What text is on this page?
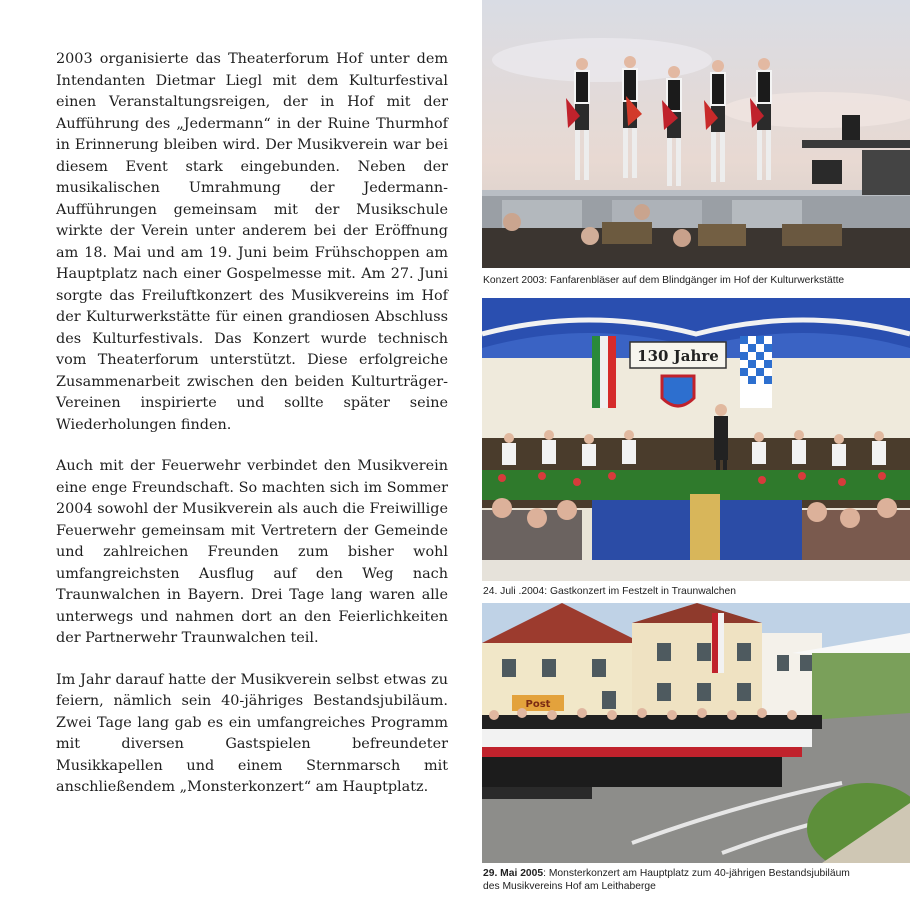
2003 organisierte das Theaterforum Hof unter dem Intendanten Dietmar Liegl mit dem Kulturfestival einen Veranstaltungsreigen, der in Hof mit der Aufführung des „Jedermann“ in der Ruine Thurmhof in Erinnerung bleiben wird. Der Musikverein war bei diesem Event stark eingebunden. Neben der musikalischen Umrahmung der Jedermann-Aufführungen gemeinsam mit der Musikschule wirkte der Verein unter anderem bei der Eröffnung am 18. Mai und am 19. Juni beim Frühschoppen am Hauptplatz nach einer Gospelmesse mit. Am 27. Juni sorgte das Freiluftkonzert des Musikvereins im Hof der Kulturwerkstätte für einen grandiosen Abschluss des Kulturfestivals. Das Konzert wurde technisch vom Theaterforum unterstützt. Diese erfolgreiche Zusammenarbeit zwischen den beiden Kulturträger-Vereinen inspirierte und sollte später seine Wiederholungen finden.

Auch mit der Feuerwehr verbindet den Musikverein eine enge Freundschaft. So machten sich im Sommer 2004 sowohl der Musikverein als auch die Freiwillige Feuerwehr gemeinsam mit Vertretern der Gemeinde und zahlreichen Freunden zum bisher wohl umfangreichsten Ausflug auf den Weg nach Traunwalchen in Bayern. Drei Tage lang waren alle unterwegs und nahmen dort an den Feierlichkeiten der Partnerwehr Traunwalchen teil.

Im Jahr darauf hatte der Musikverein selbst etwas zu feiern, nämlich sein 40-jähriges Bestandsjubiläum. Zwei Tage lang gab es ein umfangreiches Programm mit diversen Gastspielen befreundeter Musikkapellen und einem Sternmarsch mit anschließendem „Monsterkonzert“ am Hauptplatz.

Konzert 2003: Fanfarenbläser auf dem Blindgänger im Hof der Kulturwerkstätte
130 Jahre
24. Juli .2004: Gastkonzert im Festzelt in Traunwalchen
Post
29. Mai 2005: Monsterkonzert am Hauptplatz zum 40-jährigen Bestandsjubiläum
des Musikvereins Hof am Leithaberge
